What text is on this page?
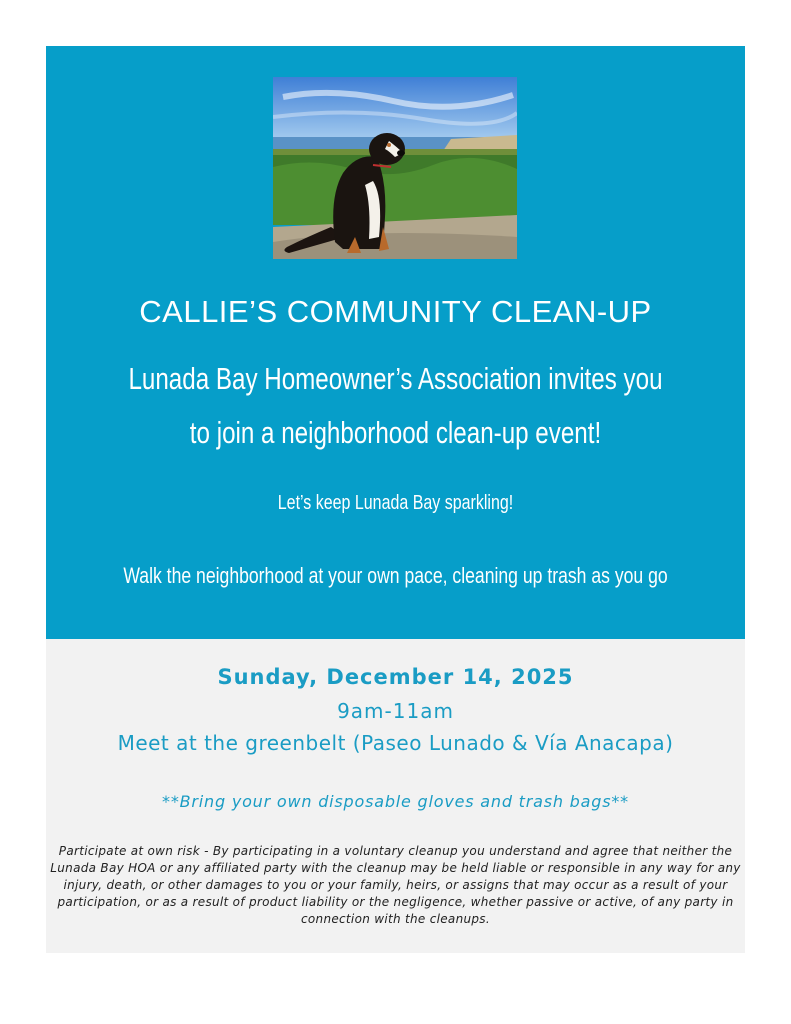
CALLIE’S COMMUNITY CLEAN-UP
Lunada Bay Homeowner’s Association invites you
to join a neighborhood clean-up event!
Let’s keep Lunada Bay sparkling!
Walk the neighborhood at your own pace, cleaning up trash as you go
Sunday, December 14, 2025
9am-11am
Meet at the greenbelt (Paseo Lunado & Vía Anacapa)
**Bring your own disposable gloves and trash bags**
Participate at own risk - By participating in a voluntary cleanup you understand and agree that neither the Lunada Bay HOA or any affiliated party with the cleanup may be held liable or responsible in any way for any injury, death, or other damages to you or your family, heirs, or assigns that may occur as a result of your participation, or as a result of product liability or the negligence, whether passive or active, of any party in connection with the cleanups.
